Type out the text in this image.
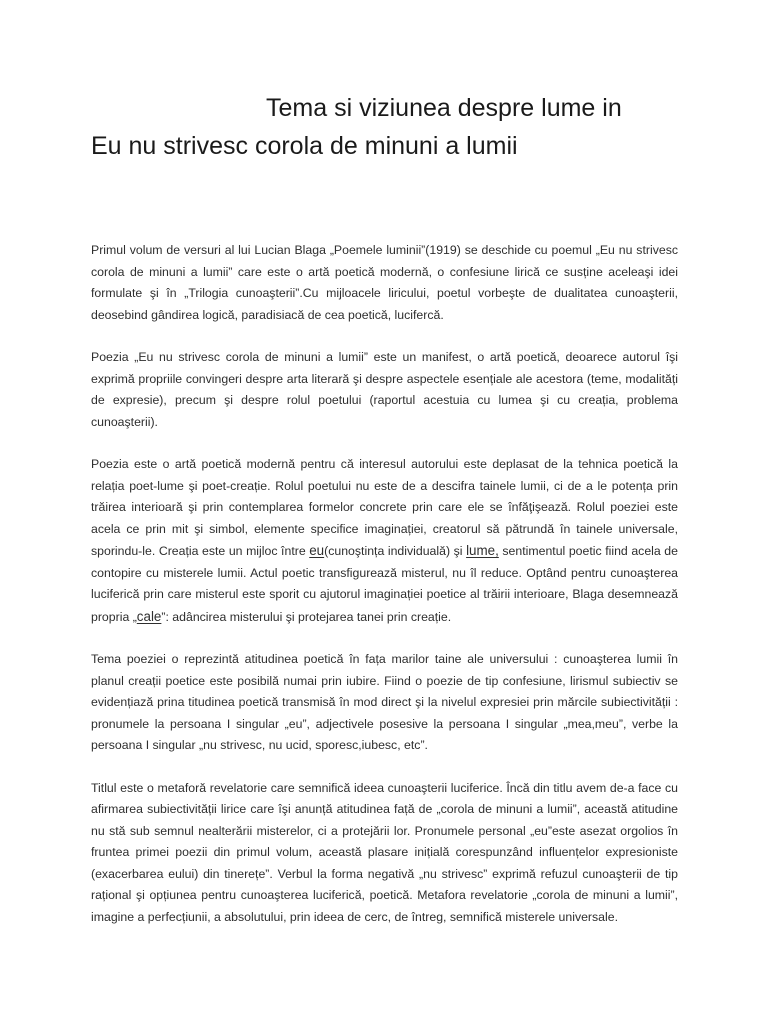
Tema si viziunea despre lume in
Eu nu strivesc corola de minuni a lumii

Primul volum de versuri al lui Lucian Blaga „Poemele luminii”(1919) se deschide cu poemul „Eu nu strivesc corola de minuni a lumii” care este o artă poetică modernă, o confesiune lirică ce susține aceleaşi idei formulate şi în „Trilogia cunoaşterii”.Cu mijloacele liricului, poetul vorbeşte de dualitatea cunoaşterii, deosebind gândirea logică, paradisiacă de cea poetică, lucifercă.

Poezia „Eu nu strivesc corola de minuni a lumii” este un manifest, o artă poetică, deoarece autorul îşi exprimă propriile convingeri despre arta literară şi despre aspectele esențiale ale acestora (teme, modalități de expresie), precum şi despre rolul poetului (raportul acestuia cu lumea şi cu creația, problema cunoaşterii).

Poezia este o artă poetică modernă pentru că interesul autorului este deplasat de la tehnica poetică la relația poet-lume şi poet-creație. Rolul poetului nu este de a descifra tainele lumii, ci de a le potența prin trăirea interioară şi prin contemplarea formelor concrete prin care ele se înfăţişează. Rolul poeziei este acela ce prin mit şi simbol, elemente specifice imaginației, creatorul să pătrundă în tainele universale, sporindu-le. Creația este un mijloc între eu(cunoştința individuală) şi lume, sentimentul poetic fiind acela de contopire cu misterele lumii. Actul poetic transfigurează misterul, nu îl reduce. Optând pentru cunoaşterea luciferică prin care misterul este sporit cu ajutorul imaginației poetice al trăirii interioare, Blaga desemnează propria „cale”: adâncirea misterului şi protejarea tanei prin creație.

Tema poeziei o reprezintă atitudinea poetică în fața marilor taine ale universului : cunoaşterea lumii în planul creații poetice este posibilă numai prin iubire. Fiind o poezie de tip confesiune, lirismul subiectiv se evidențiază prina titudinea poetică transmisă în mod direct şi la nivelul expresiei prin mărcile subiectivității : pronumele la persoana I singular „eu”, adjectivele posesive la persoana I singular „mea,meu”, verbe la persoana I singular „nu strivesc, nu ucid, sporesc,iubesc, etc”.

Titlul este o metaforă revelatorie care semnifică ideea cunoaşterii luciferice. Încă din titlu avem de-a face cu afirmarea subiectivității lirice care îşi anunță atitudinea față de „corola de minuni a lumii”, această atitudine nu stă sub semnul nealterării misterelor, ci a protejării lor. Pronumele personal „eu”este asezat orgolios în fruntea primei poezii din primul volum, această plasare inițială corespunzând influențelor expresioniste (exacerbarea eului) din tinerețe”. Verbul la forma negativă „nu strivesc” exprimă refuzul cunoaşterii de tip rațional şi opțiunea pentru cunoaşterea luciferică, poetică. Metafora revelatorie „corola de minuni a lumii”, imagine a perfecțiunii, a absolutului, prin ideea de cerc, de întreg, semnifică misterele universale.
